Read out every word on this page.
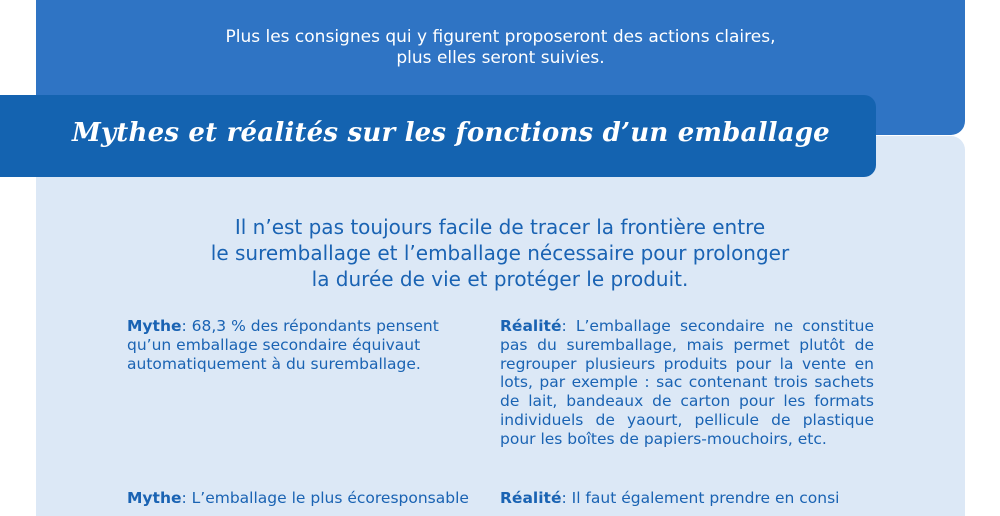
Plus les consignes qui y figurent proposeront des actions claires,
plus elles seront suivies.
Mythes et réalités sur les fonctions d’un emballage
Il n’est pas toujours facile de tracer la frontière entre
le suremballage et l’emballage nécessaire pour prolonger
la durée de vie et protéger le produit.
Mythe: 68,3 % des répondants pensent qu’un emballage secondaire équivaut automatiquement à du suremballage.
Réalité: L’emballage secondaire ne constitue pas du suremballage, mais permet plutôt de regrouper plusieurs produits pour la vente en lots, par exemple : sac contenant trois sachets de lait, bandeaux de carton pour les formats individuels de yaourt, pellicule de plastique pour les boîtes de papiers-mouchoirs, etc.
Mythe: L’emballage le plus écoresponsable	Réalité: Il faut également prendre en consi
